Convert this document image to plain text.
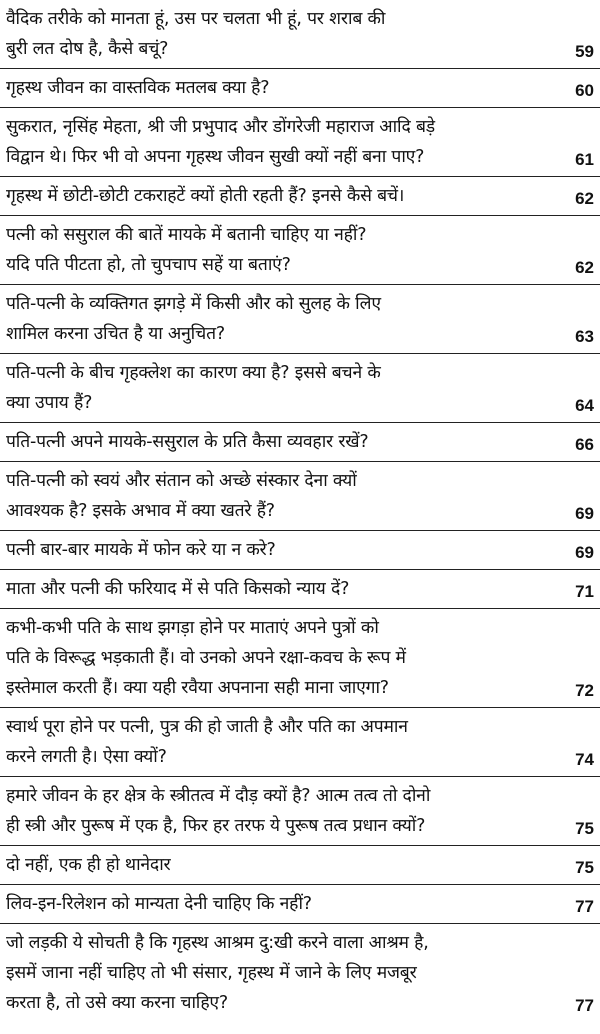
वैदिक तरीके को मानता हूं, उस पर चलता भी हूं, पर शराब की
बुरी लत दोष है, कैसे बचूं?	59
गृहस्थ जीवन का वास्तविक मतलब क्या है?	60
सुकरात, नृसिंह मेहता, श्री जी प्रभुपाद और डोंगरेजी महाराज आदि बड़े
विद्वान थे। फिर भी वो अपना गृहस्थ जीवन सुखी क्यों नहीं बना पाए?	61
गृहस्थ में छोटी-छोटी टकराहटें क्यों होती रहती हैं? इनसे कैसे बचें।	62
पत्नी को ससुराल की बातें मायके में बतानी चाहिए या नहीं?
यदि पति पीटता हो, तो चुपचाप सहें या बताएं?	62
पति-पत्नी के व्यक्तिगत झगड़े में किसी और को सुलह के लिए
शामिल करना उचित है या अनुचित?	63
पति-पत्नी के बीच गृहक्लेश का कारण क्या है? इससे बचने के
क्या उपाय हैं?	64
पति-पत्नी अपने मायके-ससुराल के प्रति कैसा व्यवहार रखें?	66
पति-पत्नी को स्वयं और संतान को अच्छे संस्कार देना क्यों
आवश्यक है? इसके अभाव में क्या खतरे हैं?	69
पत्नी बार-बार मायके में फोन करे या न करे?	69
माता और पत्नी की फरियाद में से पति किसको न्याय दें?	71
कभी-कभी पति के साथ झगड़ा होने पर माताएं अपने पुत्रों को
पति के विरूद्ध भड़काती हैं। वो उनको अपने रक्षा-कवच के रूप में
इस्तेमाल करती हैं। क्या यही रवैया अपनाना सही माना जाएगा?	72
स्वार्थ पूरा होने पर पत्नी, पुत्र की हो जाती है और पति का अपमान
करने लगती है। ऐसा क्यों?	74
हमारे जीवन के हर क्षेत्र के स्त्रीतत्व में दौड़ क्यों है? आत्म तत्व तो दोनो
ही स्त्री और पुरूष में एक है, फिर हर तरफ ये पुरूष तत्व प्रधान क्यों?	75
दो नहीं, एक ही हो थानेदार	75
लिव-इन-रिलेशन को मान्यता देनी चाहिए कि नहीं?	77
जो लड़की ये सोचती है कि गृहस्थ आश्रम दु:खी करने वाला आश्रम है,
इसमें जाना नहीं चाहिए तो भी संसार, गृहस्थ में जाने के लिए मजबूर
करता है, तो उसे क्या करना चाहिए?	77
